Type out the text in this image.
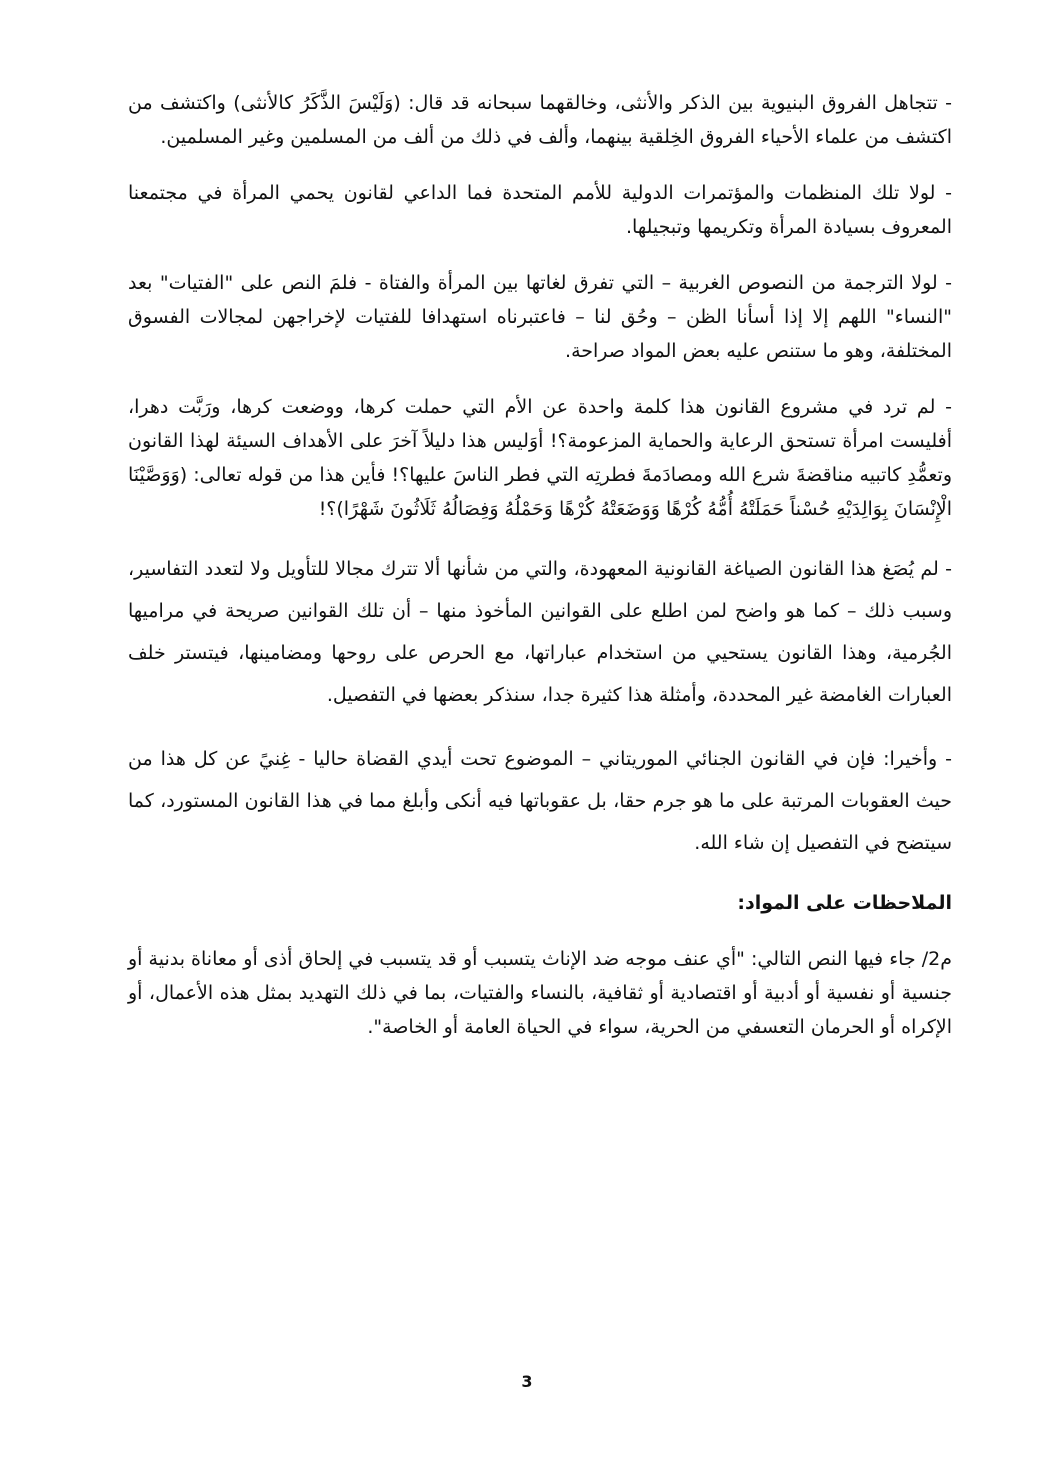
- تتجاهل الفروق البنيوية بين الذكر والأنثى، وخالقهما سبحانه قد قال: (وَلَيْسَ الذَّكَرُ كالأنثى) واكتشف من اكتشف من علماء الأحياء الفروق الخِلقية بينهما، وألف في ذلك من ألف من المسلمين وغير المسلمين.

- لولا تلك المنظمات والمؤتمرات الدولية للأمم المتحدة فما الداعي لقانون يحمي المرأة في مجتمعنا المعروف بسيادة المرأة وتكريمها وتبجيلها.

- لولا الترجمة من النصوص الغربية – التي تفرق لغاتها بين المرأة والفتاة - فلمَ النص على "الفتيات" بعد "النساء" اللهم إلا إذا أسأنا الظن – وحُق لنا – فاعتبرناه استهدافا للفتيات لإخراجهن لمجالات الفسوق المختلفة، وهو ما ستنص عليه بعض المواد صراحة.

- لم ترد في مشروع القانون هذا كلمة واحدة عن الأم التي حملت كرها، ووضعت كرها، ورَبَّت دهرا، أفليست امرأة تستحق الرعاية والحماية المزعومة؟! أوَليس هذا دليلاً آخرَ على الأهداف السيئة لهذا القانون وتعمُّدِ كاتبيه مناقضةَ شرع الله ومصادَمةَ فطرتِه التي فطر الناسَ عليها؟! فأين هذا من قوله تعالى: (وَوَصَّيْنَا الْإِنْسَانَ بِوَالِدَيْهِ حُسْناً حَمَلَتْهُ أُمُّهُ كُرْهًا وَوَضَعَتْهُ كُرْهًا وَحَمْلُهُ وَفِصَالُهُ ثَلَاثُونَ شَهْرًا)؟!

- لم يُصَغ هذا القانون الصياغة القانونية المعهودة، والتي من شأنها ألا تترك مجالا للتأويل ولا لتعدد التفاسير، وسبب ذلك – كما هو واضح لمن اطلع على القوانين المأخوذ منها – أن تلك القوانين صريحة في مراميها الجُرمية، وهذا القانون يستحيي من استخدام عباراتها، مع الحرص على روحها ومضامينها، فيتستر خلف العبارات الغامضة غير المحددة، وأمثلة هذا كثيرة جدا، سنذكر بعضها في التفصيل.

- وأخيرا: فإن في القانون الجنائي الموريتاني – الموضوع تحت أيدي القضاة حاليا - غِنيً عن كل هذا من حيث العقوبات المرتبة على ما هو جرم حقا، بل عقوباتها فيه أنكى وأبلغ مما في هذا القانون المستورد، كما سيتضح في التفصيل إن شاء الله.

الملاحظات على المواد:

م2/ جاء فيها النص التالي: "أي عنف موجه ضد الإناث يتسبب أو قد يتسبب في إلحاق أذى أو معاناة بدنية أو جنسية أو نفسية أو أدبية أو اقتصادية أو ثقافية، بالنساء والفتيات، بما في ذلك التهديد بمثل هذه الأعمال، أو الإكراه أو الحرمان التعسفي من الحرية، سواء في الحياة العامة أو الخاصة".

3
